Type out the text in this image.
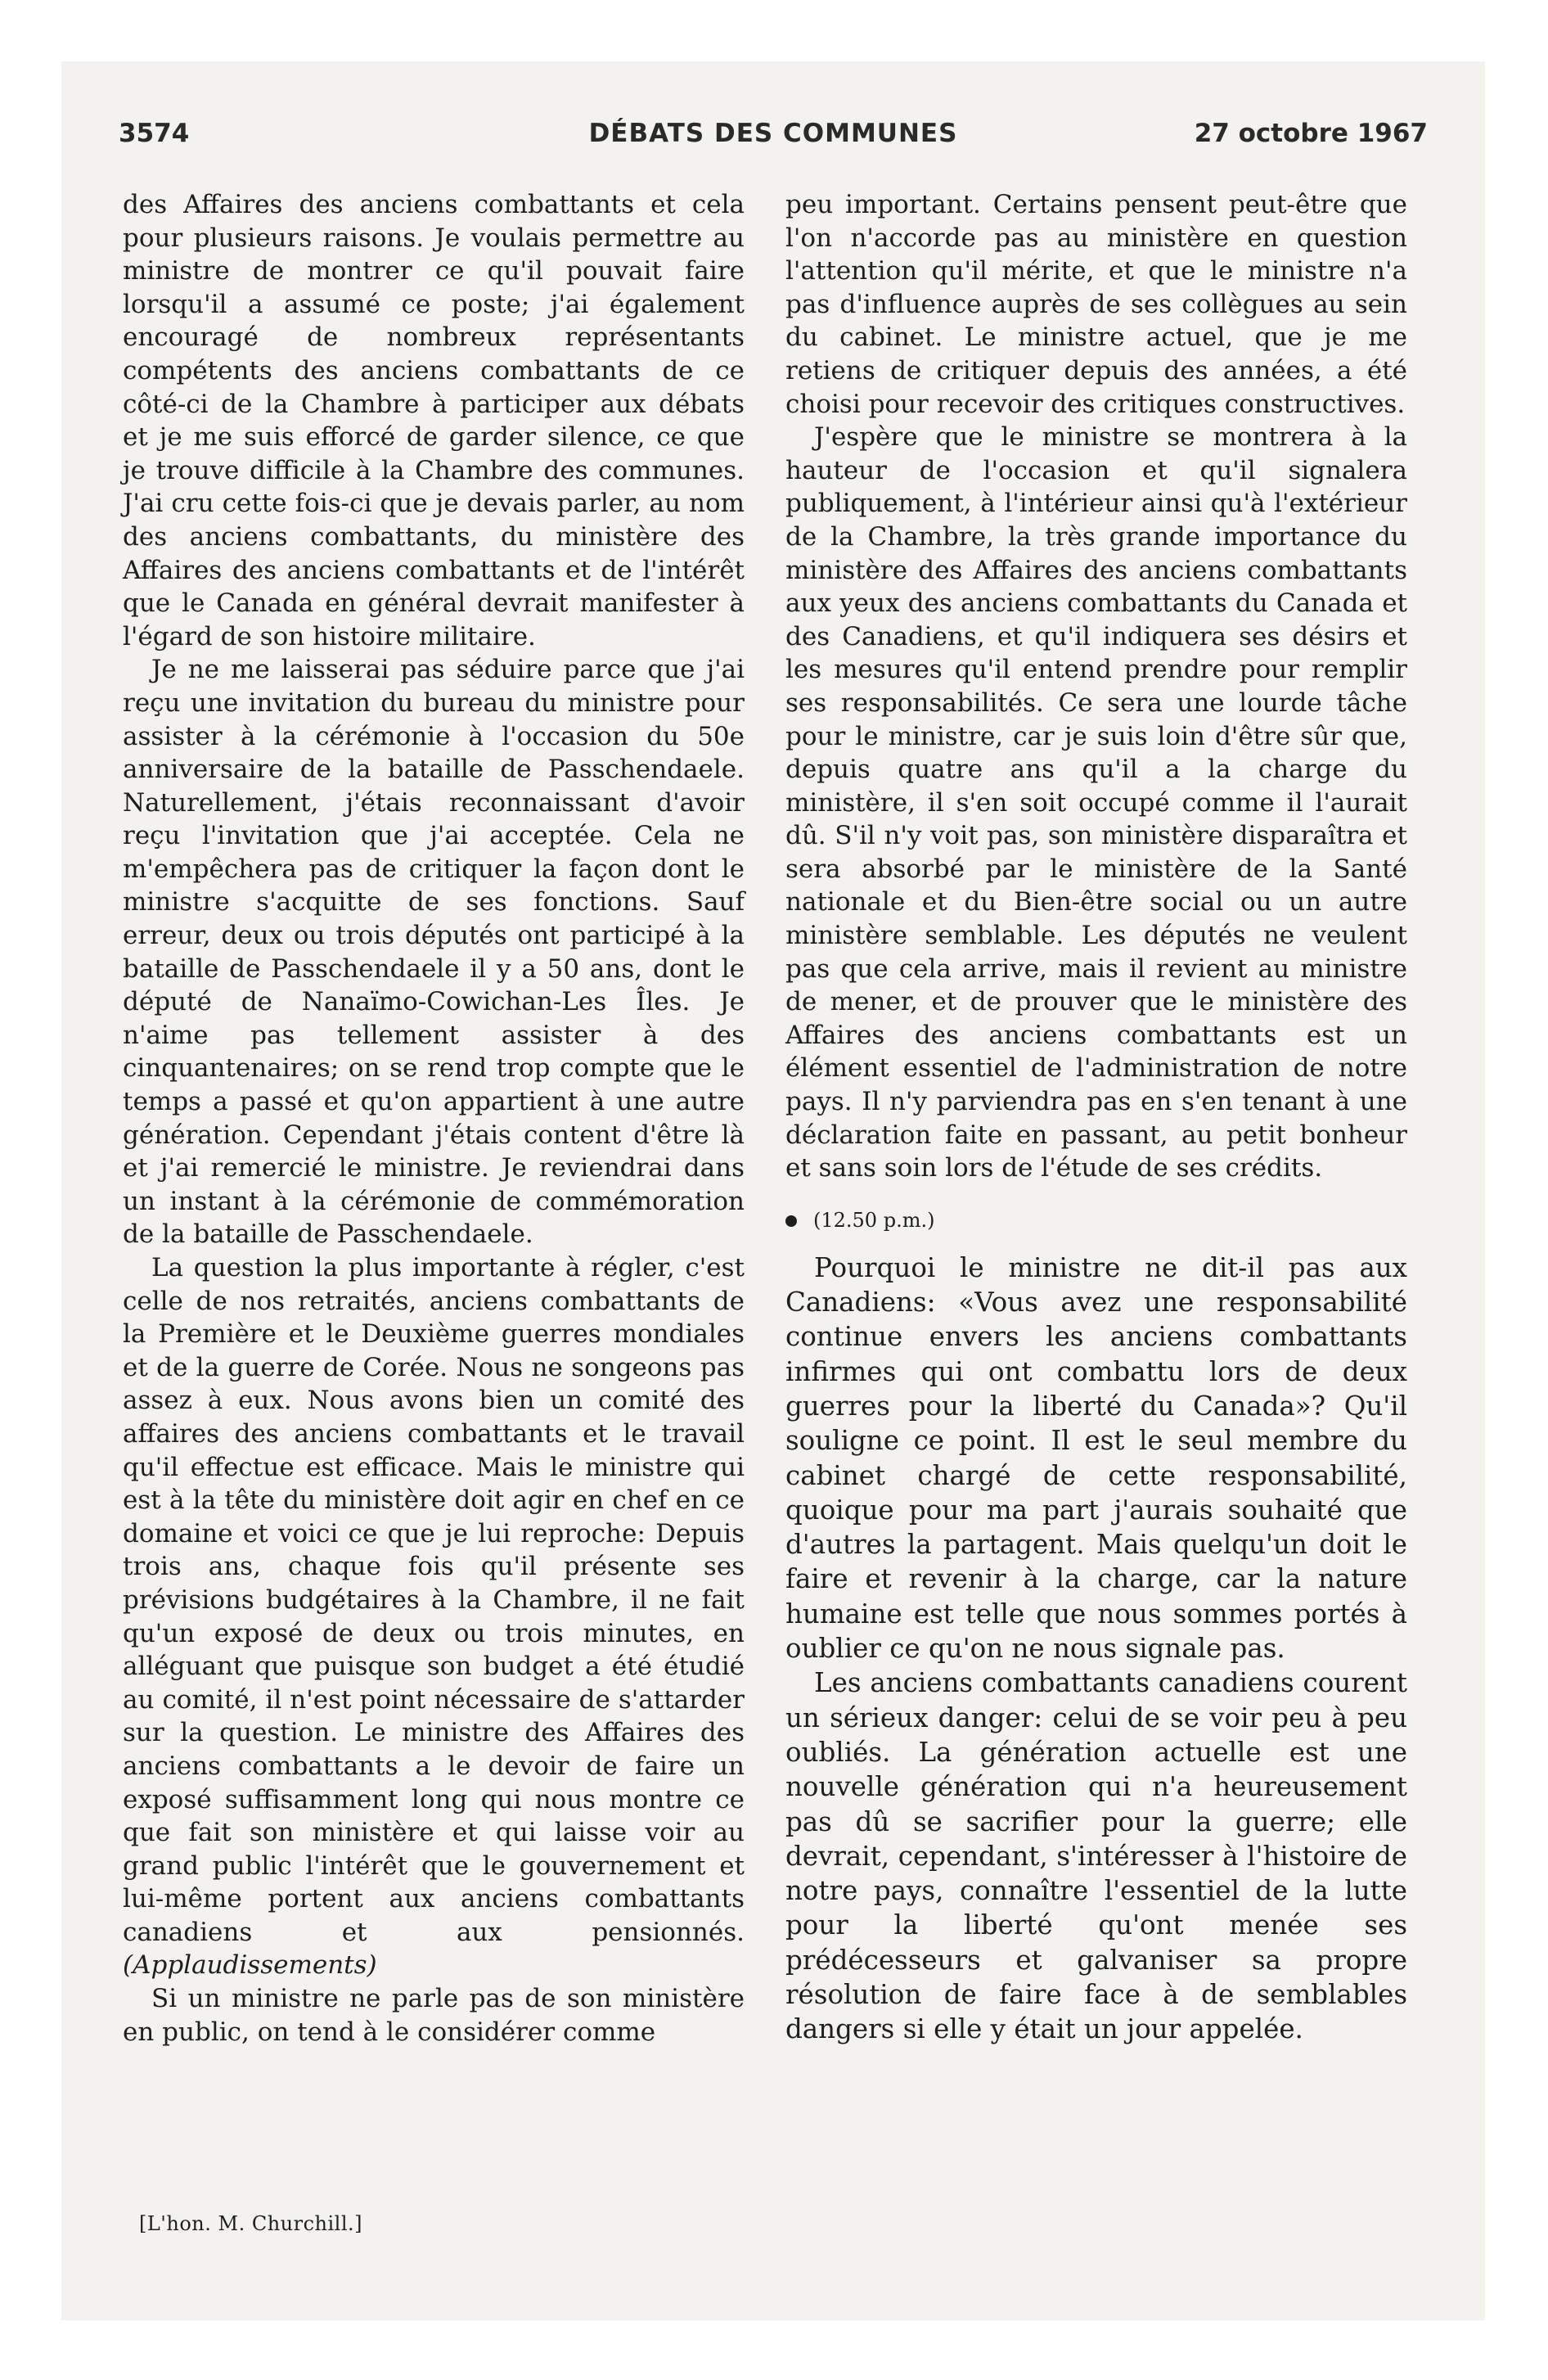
3574	DÉBATS DES COMMUNES	27 octobre 1967

des Affaires des anciens combattants et cela pour plusieurs raisons. Je voulais permettre au ministre de montrer ce qu'il pouvait faire lorsqu'il a assumé ce poste; j'ai également encouragé de nombreux représentants compétents des anciens combattants de ce côté-ci de la Chambre à participer aux débats et je me suis efforcé de garder silence, ce que je trouve difficile à la Chambre des communes. J'ai cru cette fois-ci que je devais parler, au nom des anciens combattants, du ministère des Affaires des anciens combattants et de l'intérêt que le Canada en général devrait manifester à l'égard de son histoire militaire.

Je ne me laisserai pas séduire parce que j'ai reçu une invitation du bureau du ministre pour assister à la cérémonie à l'occasion du 50e anniversaire de la bataille de Passchendaele. Naturellement, j'étais reconnaissant d'avoir reçu l'invitation que j'ai acceptée. Cela ne m'empêchera pas de critiquer la façon dont le ministre s'acquitte de ses fonctions. Sauf erreur, deux ou trois députés ont participé à la bataille de Passchendaele il y a 50 ans, dont le député de Nanaïmo-Cowichan-Les Îles. Je n'aime pas tellement assister à des cinquantenaires; on se rend trop compte que le temps a passé et qu'on appartient à une autre génération. Cependant j'étais content d'être là et j'ai remercié le ministre. Je reviendrai dans un instant à la cérémonie de commémoration de la bataille de Passchendaele.

La question la plus importante à régler, c'est celle de nos retraités, anciens combattants de la Première et le Deuxième guerres mondiales et de la guerre de Corée. Nous ne songeons pas assez à eux. Nous avons bien un comité des affaires des anciens combattants et le travail qu'il effectue est efficace. Mais le ministre qui est à la tête du ministère doit agir en chef en ce domaine et voici ce que je lui reproche: Depuis trois ans, chaque fois qu'il présente ses prévisions budgétaires à la Chambre, il ne fait qu'un exposé de deux ou trois minutes, en alléguant que puisque son budget a été étudié au comité, il n'est point nécessaire de s'attarder sur la question. Le ministre des Affaires des anciens combattants a le devoir de faire un exposé suffisamment long qui nous montre ce que fait son ministère et qui laisse voir au grand public l'intérêt que le gouvernement et lui-même portent aux anciens combattants canadiens et aux pensionnés. (Applaudissements)

Si un ministre ne parle pas de son ministère en public, on tend à le considérer comme

peu important. Certains pensent peut-être que l'on n'accorde pas au ministère en question l'attention qu'il mérite, et que le ministre n'a pas d'influence auprès de ses collègues au sein du cabinet. Le ministre actuel, que je me retiens de critiquer depuis des années, a été choisi pour recevoir des critiques constructives.

J'espère que le ministre se montrera à la hauteur de l'occasion et qu'il signalera publiquement, à l'intérieur ainsi qu'à l'extérieur de la Chambre, la très grande importance du ministère des Affaires des anciens combattants aux yeux des anciens combattants du Canada et des Canadiens, et qu'il indiquera ses désirs et les mesures qu'il entend prendre pour remplir ses responsabilités. Ce sera une lourde tâche pour le ministre, car je suis loin d'être sûr que, depuis quatre ans qu'il a la charge du ministère, il s'en soit occupé comme il l'aurait dû. S'il n'y voit pas, son ministère disparaîtra et sera absorbé par le ministère de la Santé nationale et du Bien-être social ou un autre ministère semblable. Les députés ne veulent pas que cela arrive, mais il revient au ministre de mener, et de prouver que le ministère des Affaires des anciens combattants est un élément essentiel de l'administration de notre pays. Il n'y parviendra pas en s'en tenant à une déclaration faite en passant, au petit bonheur et sans soin lors de l'étude de ses crédits.

(12.50 p.m.)

Pourquoi le ministre ne dit-il pas aux Canadiens: «Vous avez une responsabilité continue envers les anciens combattants infirmes qui ont combattu lors de deux guerres pour la liberté du Canada»? Qu'il souligne ce point. Il est le seul membre du cabinet chargé de cette responsabilité, quoique pour ma part j'aurais souhaité que d'autres la partagent. Mais quelqu'un doit le faire et revenir à la charge, car la nature humaine est telle que nous sommes portés à oublier ce qu'on ne nous signale pas.

Les anciens combattants canadiens courent un sérieux danger: celui de se voir peu à peu oubliés. La génération actuelle est une nouvelle génération qui n'a heureusement pas dû se sacrifier pour la guerre; elle devrait, cependant, s'intéresser à l'histoire de notre pays, connaître l'essentiel de la lutte pour la liberté qu'ont menée ses prédécesseurs et galvaniser sa propre résolution de faire face à de semblables dangers si elle y était un jour appelée.

[L'hon. M. Churchill.]
